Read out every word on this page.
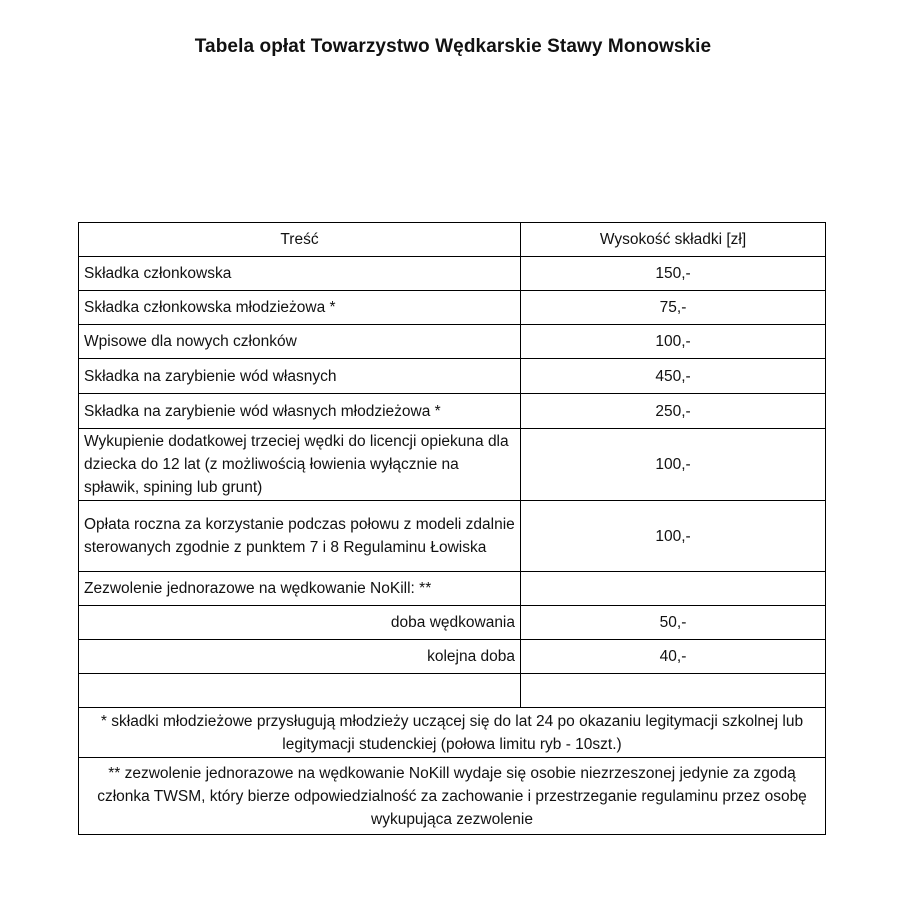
Tabela opłat Towarzystwo Wędkarskie Stawy Monowskie
Treść	Wysokość składki [zł]
Składka członkowska	150,-
Składka członkowska młodzieżowa *	75,-
Wpisowe dla nowych członków	100,-
Składka na zarybienie wód własnych	450,-
Składka na zarybienie wód własnych młodzieżowa *	250,-
Wykupienie dodatkowej trzeciej wędki do licencji opiekuna dla dziecka do 12 lat (z możliwością łowienia wyłącznie na spławik, spining lub grunt)	100,-
Opłata roczna za korzystanie podczas połowu z modeli zdalnie sterowanych zgodnie z punktem 7 i 8 Regulaminu Łowiska	100,-
Zezwolenie jednorazowe na wędkowanie NoKill: **	
doba wędkowania	50,-
kolejna doba	40,-

* składki młodzieżowe przysługują młodzieży uczącej się do lat 24 po okazaniu legitymacji szkolnej lub legitymacji studenckiej (połowa limitu ryb - 10szt.)	
** zezwolenie jednorazowe na wędkowanie NoKill wydaje się osobie niezrzeszonej jedynie za zgodą członka TWSM, który bierze odpowiedzialność za zachowanie i przestrzeganie regulaminu przez osobę wykupująca zezwolenie	
